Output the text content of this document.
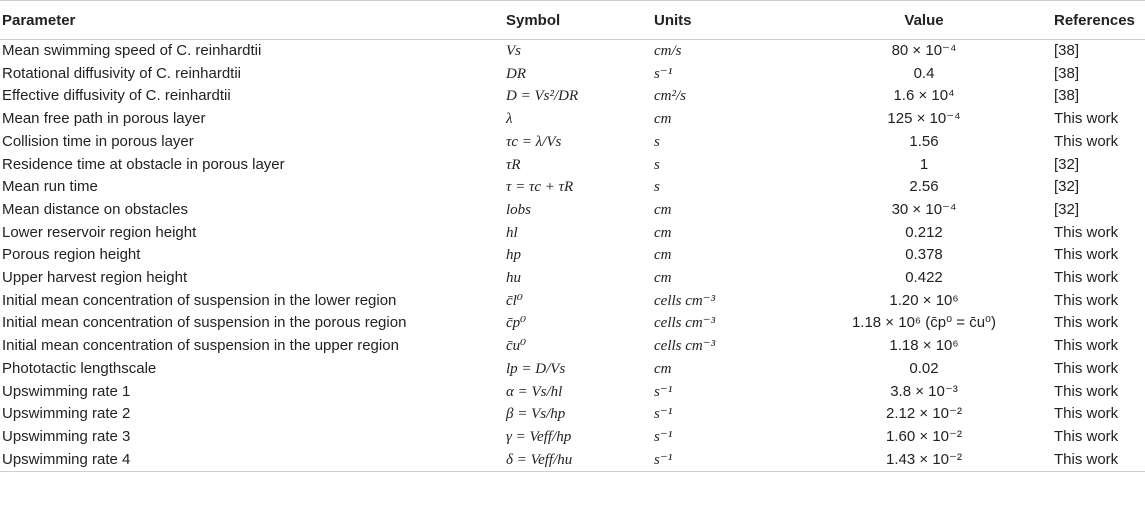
Parameter	Symbol	Units	Value	References
Mean swimming speed of C. reinhardtii	Vs	cm/s	80 × 10⁻⁴	[38]
Rotational diffusivity of C. reinhardtii	DR	s⁻¹	0.4	[38]
Effective diffusivity of C. reinhardtii	D = Vs²/DR	cm²/s	1.6 × 10⁴	[38]
Mean free path in porous layer	λ	cm	125 × 10⁻⁴	This work
Collision time in porous layer	τc = λ/Vs	s	1.56	This work
Residence time at obstacle in porous layer	τR	s	1	[32]
Mean run time	τ = τc + τR	s	2.56	[32]
Mean distance on obstacles	lobs	cm	30 × 10⁻⁴	[32]
Lower reservoir region height	hl	cm	0.212	This work
Porous region height	hp	cm	0.378	This work
Upper harvest region height	hu	cm	0.422	This work
Initial mean concentration of suspension in the lower region	c̄l⁰	cells cm⁻³	1.20 × 10⁶	This work
Initial mean concentration of suspension in the porous region	c̄p⁰	cells cm⁻³	1.18 × 10⁶ (c̄p⁰ = c̄u⁰)	This work
Initial mean concentration of suspension in the upper region	c̄u⁰	cells cm⁻³	1.18 × 10⁶	This work
Phototactic lengthscale	lp = D/Vs	cm	0.02	This work
Upswimming rate 1	α = Vs/hl	s⁻¹	3.8 × 10⁻³	This work
Upswimming rate 2	β = Vs/hp	s⁻¹	2.12 × 10⁻²	This work
Upswimming rate 3	γ = Veff/hp	s⁻¹	1.60 × 10⁻²	This work
Upswimming rate 4	δ = Veff/hu	s⁻¹	1.43 × 10⁻²	This work
